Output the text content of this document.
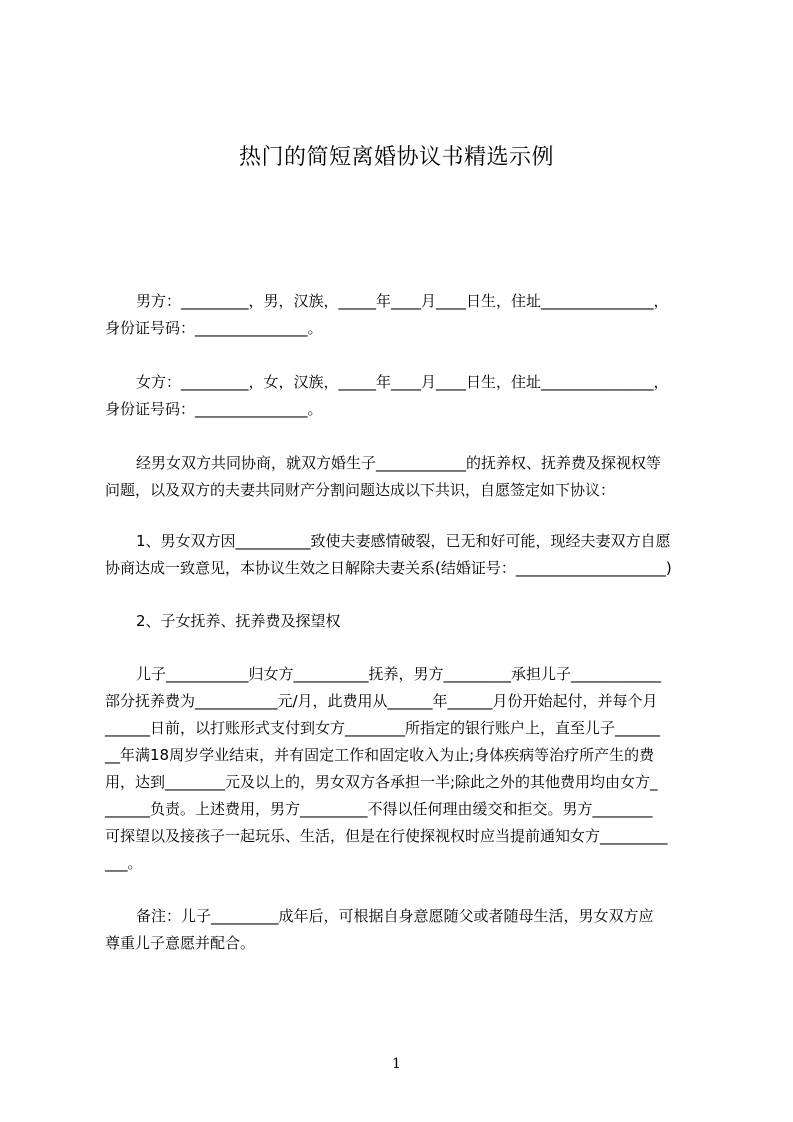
热门的简短离婚协议书精选示例
男方：_________，男，汉族，_____年____月____日生，住址_______________，
身份证号码：_______________。
女方：_________，女，汉族，_____年____月____日生，住址_______________，
身份证号码：_______________。
经男女双方共同协商，就双方婚生子____________的抚养权、抚养费及探视权等
问题，以及双方的夫妻共同财产分割问题达成以下共识，自愿签定如下协议：
1、男女双方因__________致使夫妻感情破裂，已无和好可能，现经夫妻双方自愿
协商达成一致意见，本协议生效之日解除夫妻关系(结婚证号：____________________)
2、子女抚养、抚养费及探望权
儿子___________归女方__________抚养，男方_________承担儿子____________
部分抚养费为___________元/月，此费用从______年______月份开始起付，并每个月
______日前，以打账形式支付到女方________所指定的银行账户上，直至儿子______
__年满18周岁学业结束，并有固定工作和固定收入为止;身体疾病等治疗所产生的费
用，达到________元及以上的，男女双方各承担一半;除此之外的其他费用均由女方_
______负责。上述费用，男方_________不得以任何理由缓交和拒交。男方________
可探望以及接孩子一起玩乐、生活，但是在行使探视权时应当提前通知女方_________
___。
备注：儿子_________成年后，可根据自身意愿随父或者随母生活，男女双方应
尊重儿子意愿并配合。
1
